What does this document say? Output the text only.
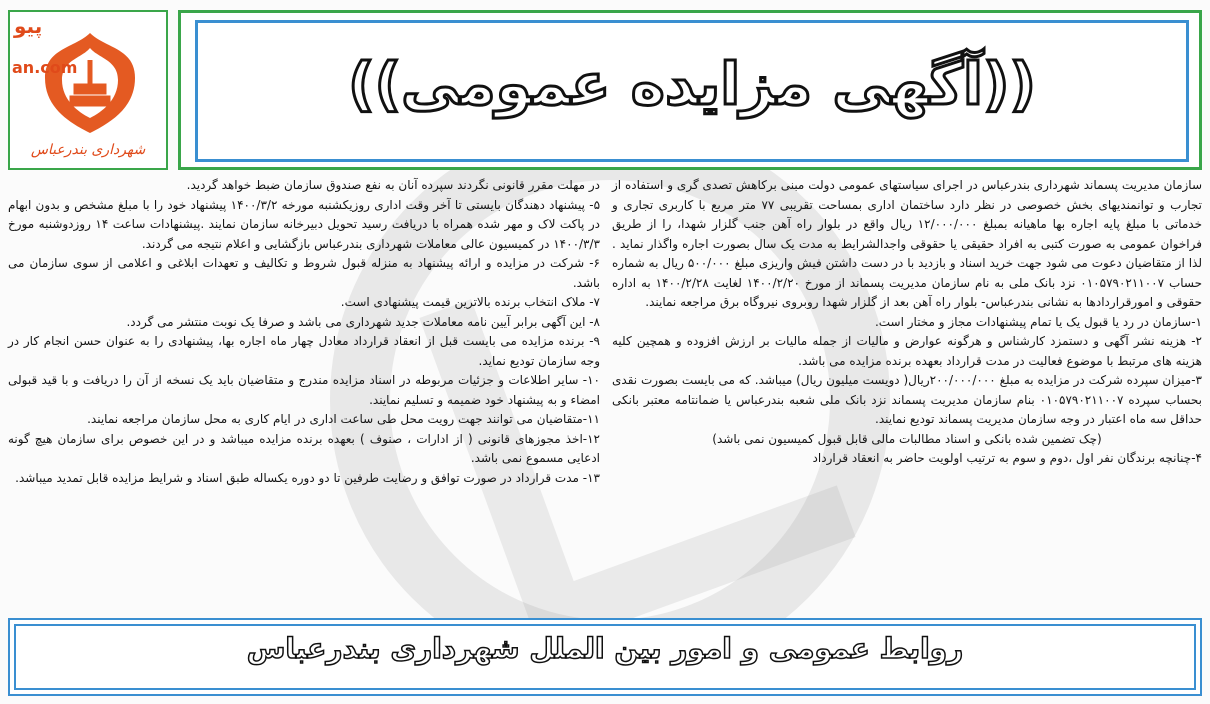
پیو
an.com
شهرداری بندرعباس
((آگهی مزایده عمومی))

سازمان مدیریت پسماند شهرداری بندرعباس در اجرای سیاستهای عمومی دولت مبنی برکاهش تصدی گری و استفاده از تجارب و توانمندیهای بخش خصوصی در نظر دارد ساختمان اداری بمساحت تقریبی ۷۷ متر مربع با کاربری تجاری و خدماتی با مبلغ پایه اجاره بها ماهیانه بمبلغ ۱۲/۰۰۰/۰۰۰ ریال واقع در بلوار راه آهن جنب گلزار شهدا، را از طریق فراخوان عمومی به صورت کتبی به افراد حقیقی یا حقوقی واجدالشرایط به مدت یک سال بصورت اجاره واگذار نماید . لذا از متقاضیان دعوت می شود جهت خرید اسناد و بازدید با در دست داشتن فیش واریزی مبلغ ۵۰۰/۰۰۰ ریال به شماره حساب ۰۱۰۵۷۹۰۲۱۱۰۰۷ نزد بانک ملی به نام سازمان مدیریت پسماند از مورخ ۱۴۰۰/۲/۲۰ لغایت ۱۴۰۰/۲/۲۸ به اداره حقوقی و امورقراردادها به نشانی بندرعباس- بلوار راه آهن بعد از گلزار شهدا روبروی نیروگاه برق مراجعه نمایند.

۱-سازمان در رد یا قبول یک یا تمام پیشنهادات مجاز و مختار است.

۲- هزینه نشر آگهی و دستمزد کارشناس و هرگونه عوارض و مالیات از جمله مالیات بر ارزش افزوده و همچین کلیه هزینه های مرتبط با موضوع فعالیت در مدت قرارداد بعهده برنده مزایده می باشد.

۳-میزان سپرده شرکت در مزایده به مبلغ ۲۰۰/۰۰۰/۰۰۰ریال( دویست میلیون ریال) میباشد. که می بایست بصورت نقدی بحساب سپرده ۰۱۰۵۷۹۰۲۱۱۰۰۷ بنام سازمان مدیریت پسماند نزد بانک ملی شعبه بندرعباس یا ضمانتامه معتبر بانکی حداقل سه ماه اعتبار در وجه سازمان مدیریت پسماند تودیع نمایند.

(چک تضمین شده بانکی و اسناد مطالبات مالی قابل قبول کمیسیون نمی باشد)

۴-چنانچه برندگان نفر اول ،دوم و سوم به ترتیب اولویت حاضر به انعقاد قرارداد

در مهلت مقرر قانونی نگردند سپرده آنان به نفع صندوق سازمان ضبط خواهد گردید.

۵- پیشنهاد دهندگان بایستی تا آخر وقت اداری روزیکشنبه مورخه ۱۴۰۰/۳/۲ پیشنهاد خود را با مبلغ مشخص و بدون ابهام در پاکت لاک و مهر شده همراه با دریافت رسید تحویل دبیرخانه سازمان نمایند .پیشنهادات ساعت ۱۴ روزدوشنبه مورخ ۱۴۰۰/۳/۳ در کمیسیون عالی معاملات شهرداری بندرعباس بازگشایی و اعلام نتیجه می گردند.

۶- شرکت در مزایده و ارائه پیشنهاد به منزله قبول شروط و تکالیف و تعهدات ابلاغی و اعلامی از سوی سازمان می باشد.

۷- ملاک انتخاب برنده بالاترین قیمت پیشنهادی است.

۸- این آگهی برابر آیین نامه معاملات جدید شهرداری می باشد و صرفا یک نوبت منتشر می گردد.

۹- برنده مزایده می بایست قبل از انعقاد قرارداد معادل چهار ماه اجاره بها، پیشنهادی را به عنوان حسن انجام کار در وجه سازمان تودیع نماید.

۱۰- سایر اطلاعات و جزئیات مربوطه در اسناد مزایده مندرج و متقاضیان باید یک نسخه از آن را دریافت و با قید قبولی امضاء و به پیشنهاد خود ضمیمه و تسلیم نمایند.

۱۱-متقاضیان می توانند جهت رویت محل طی ساعت اداری در ایام کاری به محل سازمان مراجعه نمایند.

۱۲-اخذ مجوزهای قانونی ( از ادارات ، صنوف ) بعهده برنده مزایده میباشد و در این خصوص برای سازمان هیچ گونه ادعایی مسموع نمی باشد.

۱۳- مدت قرارداد در صورت توافق و رضایت طرفین تا دو دوره یکساله طبق اسناد و شرایط مزایده قابل تمدید میباشد.

روابط عمومی و امور بین الملل شهرداری بندرعباس
